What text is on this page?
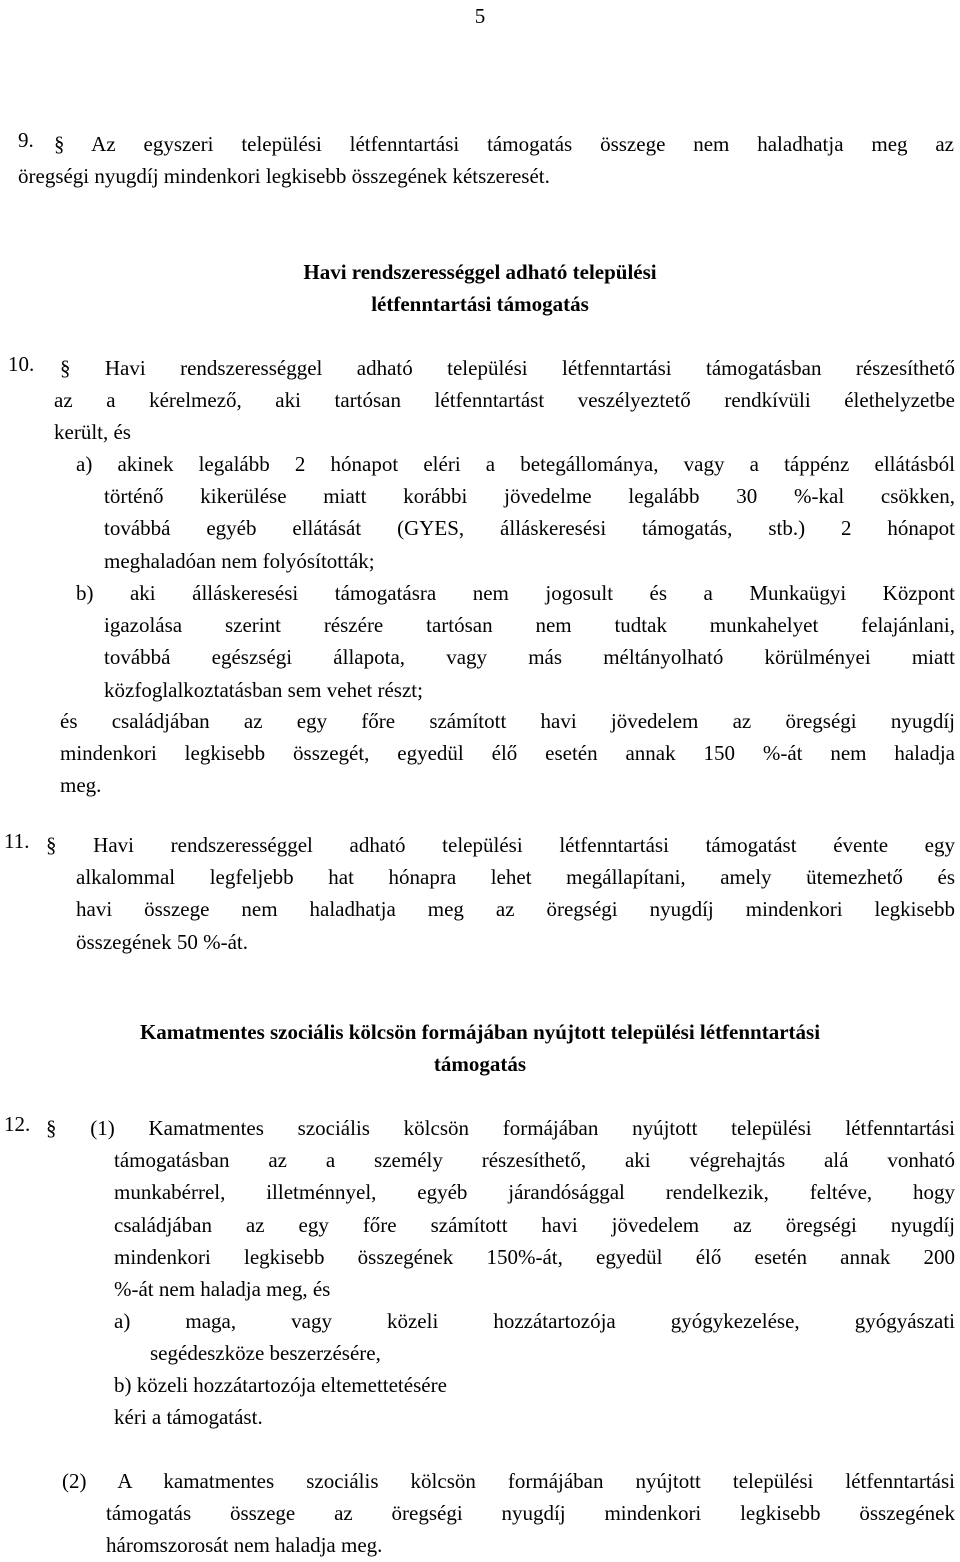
5
9. § Az egyszeri települési létfenntartási támogatás összege nem haladhatja meg az
öregségi nyugdíj mindenkori legkisebb összegének kétszeresét.
Havi rendszerességgel adható települési
létfenntartási támogatás
10. § Havi rendszerességgel adható települési létfenntartási támogatásban részesíthető
az a kérelmező, aki tartósan létfenntartást veszélyeztető rendkívüli élethelyzetbe
került, és
a) akinek legalább 2 hónapot eléri a betegállománya, vagy a táppénz ellátásból
történő kikerülése miatt korábbi jövedelme legalább 30 %-kal csökken,
továbbá egyéb ellátását (GYES, álláskeresési támogatás, stb.) 2 hónapot
meghaladóan nem folyósították;
b) aki álláskeresési támogatásra nem jogosult és a Munkaügyi Központ
igazolása szerint részére tartósan nem tudtak munkahelyet felajánlani,
továbbá egészségi állapota, vagy más méltányolható körülményei miatt
közfoglalkoztatásban sem vehet részt;
és családjában az egy főre számított havi jövedelem az öregségi nyugdíj
mindenkori legkisebb összegét, egyedül élő esetén annak 150 %-át nem haladja
meg.
11. § Havi rendszerességgel adható települési létfenntartási támogatást évente egy
alkalommal legfeljebb hat hónapra lehet megállapítani, amely ütemezhető és
havi összege nem haladhatja meg az öregségi nyugdíj mindenkori legkisebb
összegének 50 %-át.
Kamatmentes szociális kölcsön formájában nyújtott települési létfenntartási
támogatás
12. § (1) Kamatmentes szociális kölcsön formájában nyújtott települési létfenntartási
támogatásban az a személy részesíthető, aki végrehajtás alá vonható
munkabérrel, illetménnyel, egyéb járandósággal rendelkezik, feltéve, hogy
családjában az egy főre számított havi jövedelem az öregségi nyugdíj
mindenkori legkisebb összegének 150%-át, egyedül élő esetén annak 200
%-át nem haladja meg, és
a) maga, vagy közeli hozzátartozója gyógykezelése, gyógyászati
segédeszköze beszerzésére,
b) közeli hozzátartozója eltemettetésére
kéri a támogatást.
(2) A kamatmentes szociális kölcsön formájában nyújtott települési létfenntartási
támogatás összege az öregségi nyugdíj mindenkori legkisebb összegének
háromszorosát nem haladja meg.
